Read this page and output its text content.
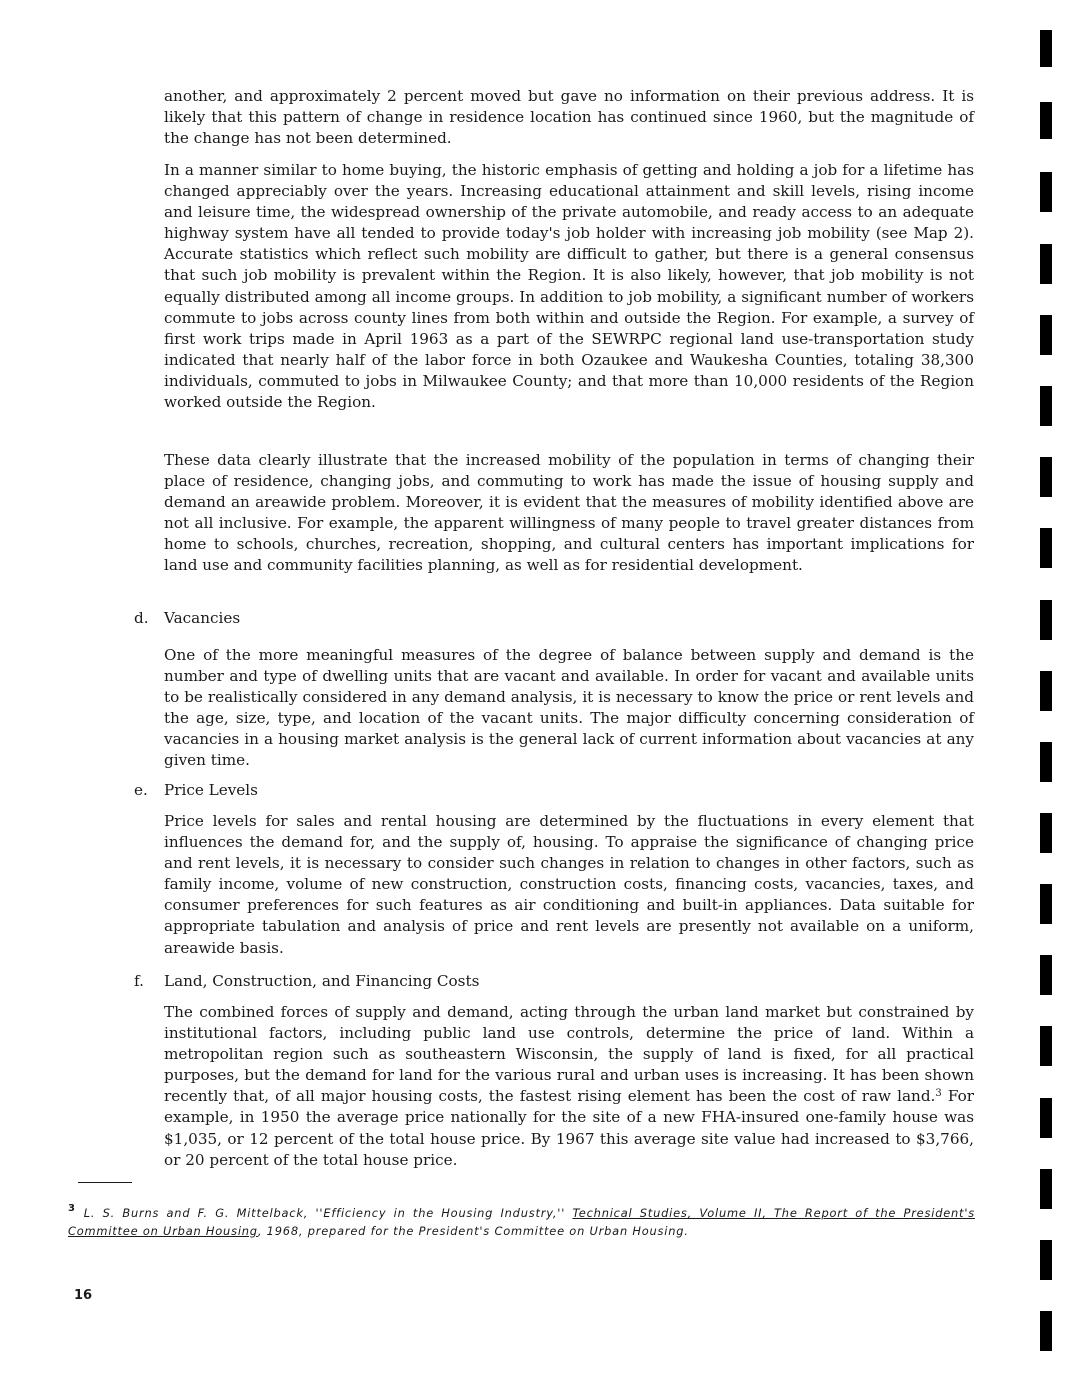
another, and approximately 2 percent moved but gave no information on their previous address. It is likely that this pattern of change in residence location has continued since 1960, but the magnitude of the change has not been determined.

In a manner similar to home buying, the historic emphasis of getting and holding a job for a lifetime has changed appreciably over the years. Increasing educational attainment and skill levels, rising income and leisure time, the widespread ownership of the private automobile, and ready access to an adequate highway system have all tended to provide today's job holder with increasing job mobility (see Map 2). Accurate statistics which reflect such mobility are difficult to gather, but there is a general consensus that such job mobility is prevalent within the Region. It is also likely, however, that job mobility is not equally distributed among all income groups. In addition to job mobility, a significant number of workers commute to jobs across county lines from both within and outside the Region. For example, a survey of first work trips made in April 1963 as a part of the SEWRPC regional land use-transportation study indicated that nearly half of the labor force in both Ozaukee and Waukesha Counties, totaling 38,300 individuals, commuted to jobs in Milwaukee County; and that more than 10,000 residents of the Region worked outside the Region.

These data clearly illustrate that the increased mobility of the population in terms of changing their place of residence, changing jobs, and commuting to work has made the issue of housing supply and demand an areawide problem. Moreover, it is evident that the measures of mobility identified above are not all inclusive. For example, the apparent willingness of many people to travel greater distances from home to schools, churches, recreation, shopping, and cultural centers has important implications for land use and community facilities planning, as well as for residential development.

d. Vacancies

One of the more meaningful measures of the degree of balance between supply and demand is the number and type of dwelling units that are vacant and available. In order for vacant and available units to be realistically considered in any demand analysis, it is necessary to know the price or rent levels and the age, size, type, and location of the vacant units. The major difficulty concerning consideration of vacancies in a housing market analysis is the general lack of current information about vacancies at any given time.

e. Price Levels

Price levels for sales and rental housing are determined by the fluctuations in every element that influences the demand for, and the supply of, housing. To appraise the significance of changing price and rent levels, it is necessary to consider such changes in relation to changes in other factors, such as family income, volume of new construction, construction costs, financing costs, vacancies, taxes, and consumer preferences for such features as air conditioning and built-in appliances. Data suitable for appropriate tabulation and analysis of price and rent levels are presently not available on a uniform, areawide basis.

f. Land, Construction, and Financing Costs

The combined forces of supply and demand, acting through the urban land market but constrained by institutional factors, including public land use controls, determine the price of land. Within a metropolitan region such as southeastern Wisconsin, the supply of land is fixed, for all practical purposes, but the demand for land for the various rural and urban uses is increasing. It has been shown recently that, of all major housing costs, the fastest rising element has been the cost of raw land.$^3$ For example, in 1950 the average price nationally for the site of a new FHA-insured one-family house was $1,035, or 12 percent of the total house price. By 1967 this average site value had increased to $3,766, or 20 percent of the total house price.

3 L. S. Burns and F. G. Mittelback, ''Efficiency in the Housing Industry,'' Technical Studies, Volume II, The Report of the President's Committee on Urban Housing, 1968, prepared for the President's Committee on Urban Housing.

16
